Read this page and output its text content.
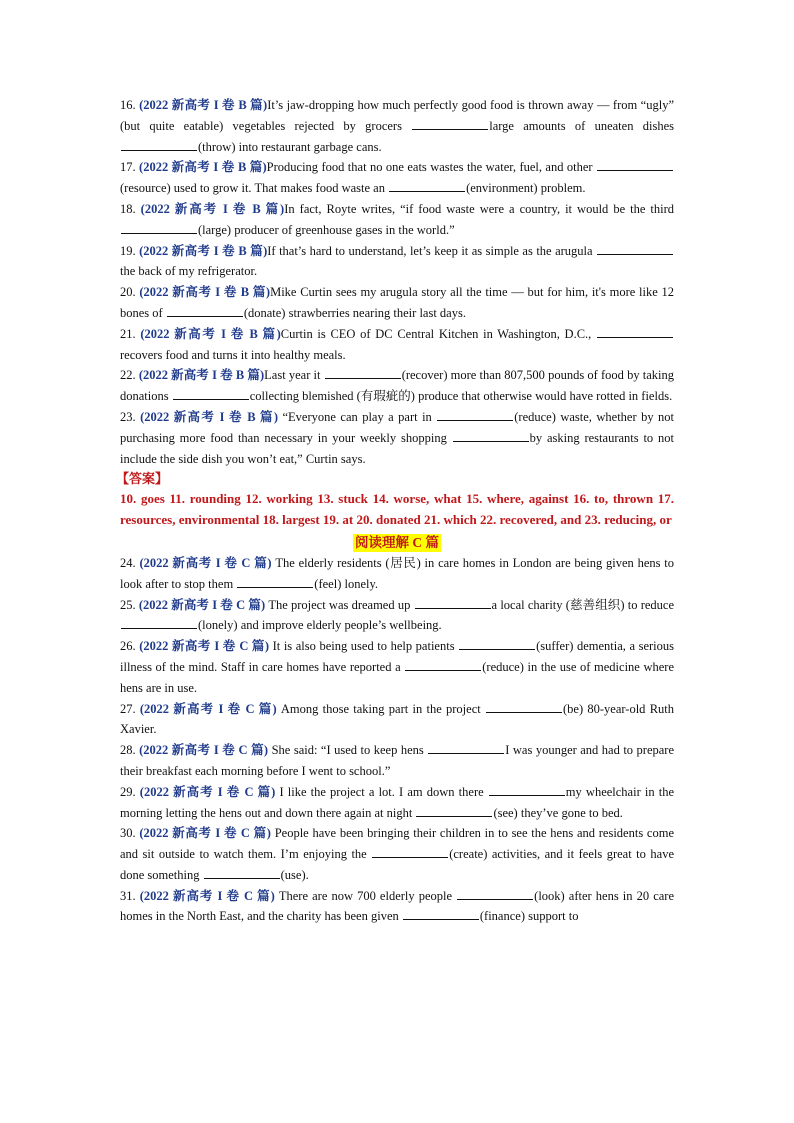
16. (2022 新高考 I 卷 B 篇)It’s jaw-dropping how much perfectly good food is thrown away — from “ugly” (but quite eatable) vegetables rejected by grocers	large amounts of uneaten dishes (throw) into restaurant garbage cans.
17. (2022 新高考 I 卷 B 篇)Producing food that no one eats wastes the water, fuel, and other (resource) used to grow it. That makes food waste an	(environment) problem.
18. (2022 新高考 I 卷 B 篇)In fact, Royte writes, “if food waste were a country, it would be the third (large) producer of greenhouse gases in the world.”
19. (2022 新高考 I 卷 B 篇)If that’s hard to understand, let’s keep it as simple as the arugula the back of my refrigerator.
20. (2022 新高考 I 卷 B 篇)Mike Curtin sees my arugula story all the time — but for him, it's more like 12 bones of	(donate) strawberries nearing their last days.
21. (2022 新高考 I 卷 B 篇)Curtin is CEO of DC Central Kitchen in Washington, D.C., recovers food and turns it into healthy meals.
22. (2022 新高考 I 卷 B 篇)Last year it	(recover) more than 807,500 pounds of food by taking donations	collecting blemished (有瑕疵的) produce that otherwise would have rotted in fields.
23. (2022 新高考 I 卷 B 篇) “Everyone can play a part in	(reduce) waste, whether by not purchasing more food than necessary in your weekly shopping	by asking restaurants to not include the side dish you won’t eat,” Curtin says.
【答案】
10. goes 11. rounding 12. working 13. stuck 14. worse, what 15. where, against 16. to, thrown 17. resources, environmental 18. largest 19. at 20. donated 21. which 22. recovered, and 23. reducing, or
阅读理解 C 篇
24. (2022 新高考 I 卷 C 篇) The elderly residents (居民) in care homes in London are being given hens to look after to stop them	(feel) lonely.
25. (2022 新高考 I 卷 C 篇) The project was dreamed up	a local charity (慈善组织) to reduce (lonely) and improve elderly people’s wellbeing.
26. (2022 新高考 I 卷 C 篇) It is also being used to help patients	(suffer) dementia, a serious illness of the mind. Staff in care homes have reported a	(reduce) in the use of medicine where hens are in use.
27. (2022 新高考 I 卷 C 篇) Among those taking part in the project	(be) 80-year-old Ruth Xavier.
28. (2022 新高考 I 卷 C 篇) She said: “I used to keep hens	I was younger and had to prepare their breakfast each morning before I went to school.”
29. (2022 新高考 I 卷 C 篇) I like the project a lot. I am down there	my wheelchair in the morning letting the hens out and down there again at night	(see) they’ve gone to bed.
30. (2022 新高考 I 卷 C 篇) People have been bringing their children in to see the hens and residents come and sit outside to watch them. I’m enjoying the	(create) activities, and it feels great to have done something	(use).
31. (2022 新高考 I 卷 C 篇) There are now 700 elderly people	(look) after hens in 20 care homes in the North East, and the charity has been given	(finance) support to
